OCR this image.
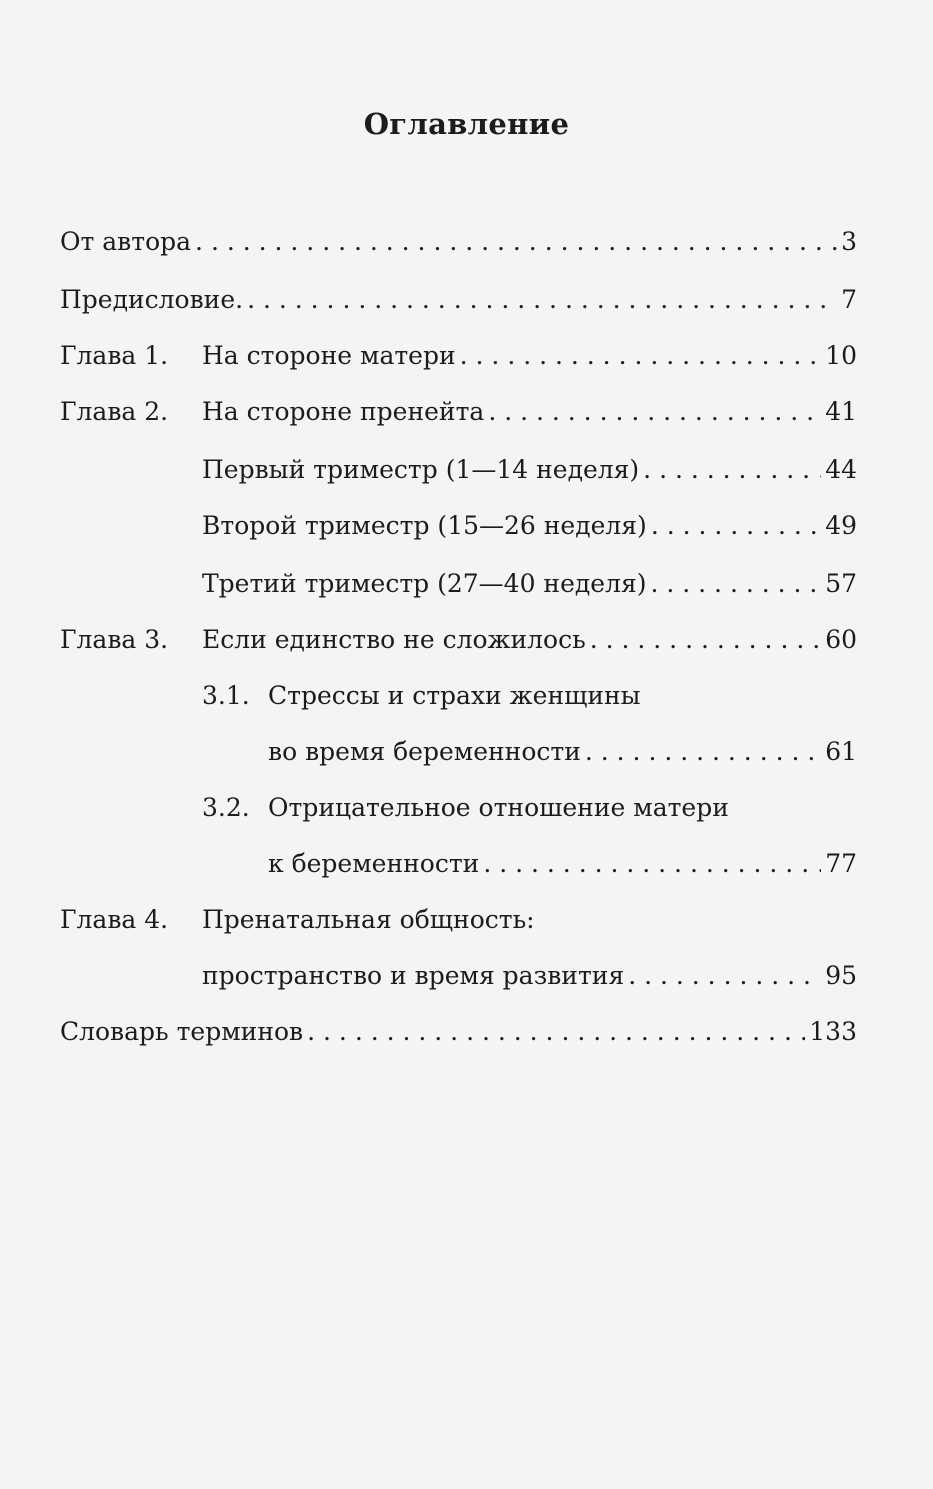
Оглавление
От автора . . .	3
Предисловие. . . .	7
Глава 1.	На стороне матери . . .	10
Глава 2.	На стороне пренейта . . .	41
Первый триместр (1—14 неделя) . . .	44
Второй триместр (15—26 неделя) . . .	49
Третий триместр (27—40 неделя) . . .	57
Глава 3.	Если единство не сложилось . . .	60
3.1. Стрессы и страхи женщины
во время беременности . . .	61
3.2. Отрицательное отношение матери
к беременности . . .	77
Глава 4. Пренатальная общность:
пространство и время развития . . .	95
Словарь терминов . . .	133
